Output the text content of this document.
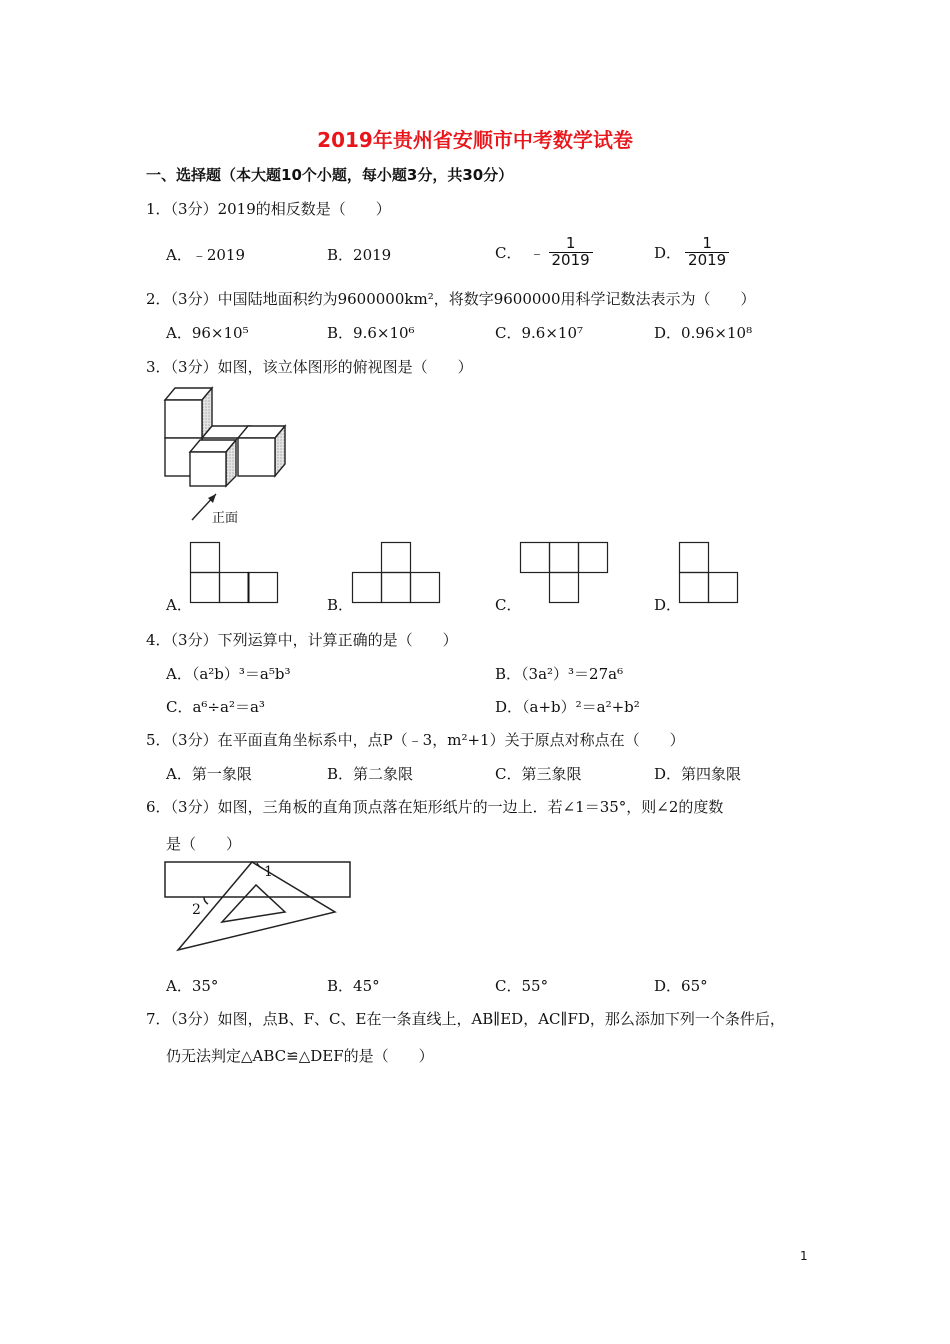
2019年贵州省安顺市中考数学试卷
一、选择题（本大题10个小题，每小题3分，共30分）
1．（3分）2019的相反数是（　　）
A．﹣2019	B．2019	C． ﹣ $\frac{1}{2019}$	D． $\frac{1}{2019}$
2．（3分）中国陆地面积约为9600000km²，将数字9600000用科学记数法表示为（　　）
A．96×10⁵	B．9.6×10⁶	C．9.6×10⁷	D．0.96×10⁸
3．（3分）如图，该立体图形的俯视图是（　　）
正面
A．	B．	C．	D．
4．（3分）下列运算中，计算正确的是（　　）
A．（a²b）³＝a⁵b³	B．（3a²）³＝27a⁶
C．a⁶÷a²＝a³	D．（a+b）²＝a²+b²
5．（3分）在平面直角坐标系中，点P（﹣3，m²+1）关于原点对称点在（　　）
A．第一象限	B．第二象限	C．第三象限	D．第四象限
6．（3分）如图，三角板的直角顶点落在矩形纸片的一边上．若∠1＝35°，则∠2的度数
是（　　）
1
2
A．35°	B．45°	C．55°	D．65°
7．（3分）如图，点B、F、C、E在一条直线上，AB∥ED，AC∥FD，那么添加下列一个条件后，
仍无法判定△ABC≌△DEF的是（　　）
1
